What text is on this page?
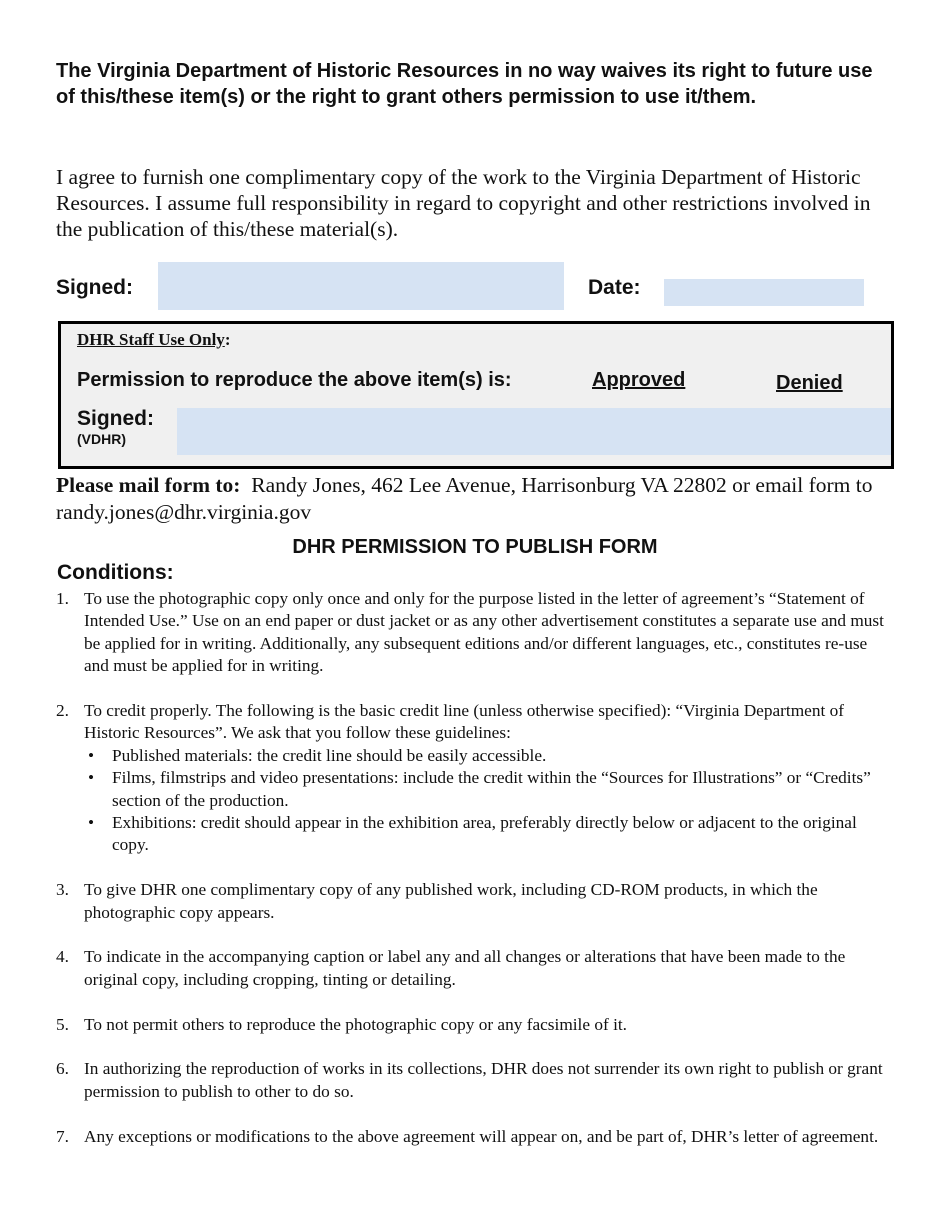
The Virginia Department of Historic Resources in no way waives its right to future use of this/these item(s) or the right to grant others permission to use it/them.
I agree to furnish one complimentary copy of the work to the Virginia Department of Historic Resources. I assume full responsibility in regard to copyright and other restrictions involved in the publication of this/these material(s).
Signed:	Date:
DHR Staff Use Only:
Permission to reproduce the above item(s) is:	Approved	Denied
Signed:
(VDHR)
Please mail form to: Randy Jones, 462 Lee Avenue, Harrisonburg VA 22802 or email form to randy.jones@dhr.virginia.gov
DHR PERMISSION TO PUBLISH FORM
Conditions:
1. To use the photographic copy only once and only for the purpose listed in the letter of agreement’s “Statement of Intended Use.” Use on an end paper or dust jacket or as any other advertisement constitutes a separate use and must be applied for in writing. Additionally, any subsequent editions and/or different languages, etc., constitutes re-use and must be applied for in writing.
2. To credit properly. The following is the basic credit line (unless otherwise specified): “Virginia Department of Historic Resources”. We ask that you follow these guidelines:
• Published materials: the credit line should be easily accessible.
• Films, filmstrips and video presentations: include the credit within the “Sources for Illustrations” or “Credits” section of the production.
• Exhibitions: credit should appear in the exhibition area, preferably directly below or adjacent to the original copy.
3. To give DHR one complimentary copy of any published work, including CD-ROM products, in which the photographic copy appears.
4. To indicate in the accompanying caption or label any and all changes or alterations that have been made to the original copy, including cropping, tinting or detailing.
5. To not permit others to reproduce the photographic copy or any facsimile of it.
6. In authorizing the reproduction of works in its collections, DHR does not surrender its own right to publish or grant permission to publish to other to do so.
7. Any exceptions or modifications to the above agreement will appear on, and be part of, DHR’s letter of agreement.
